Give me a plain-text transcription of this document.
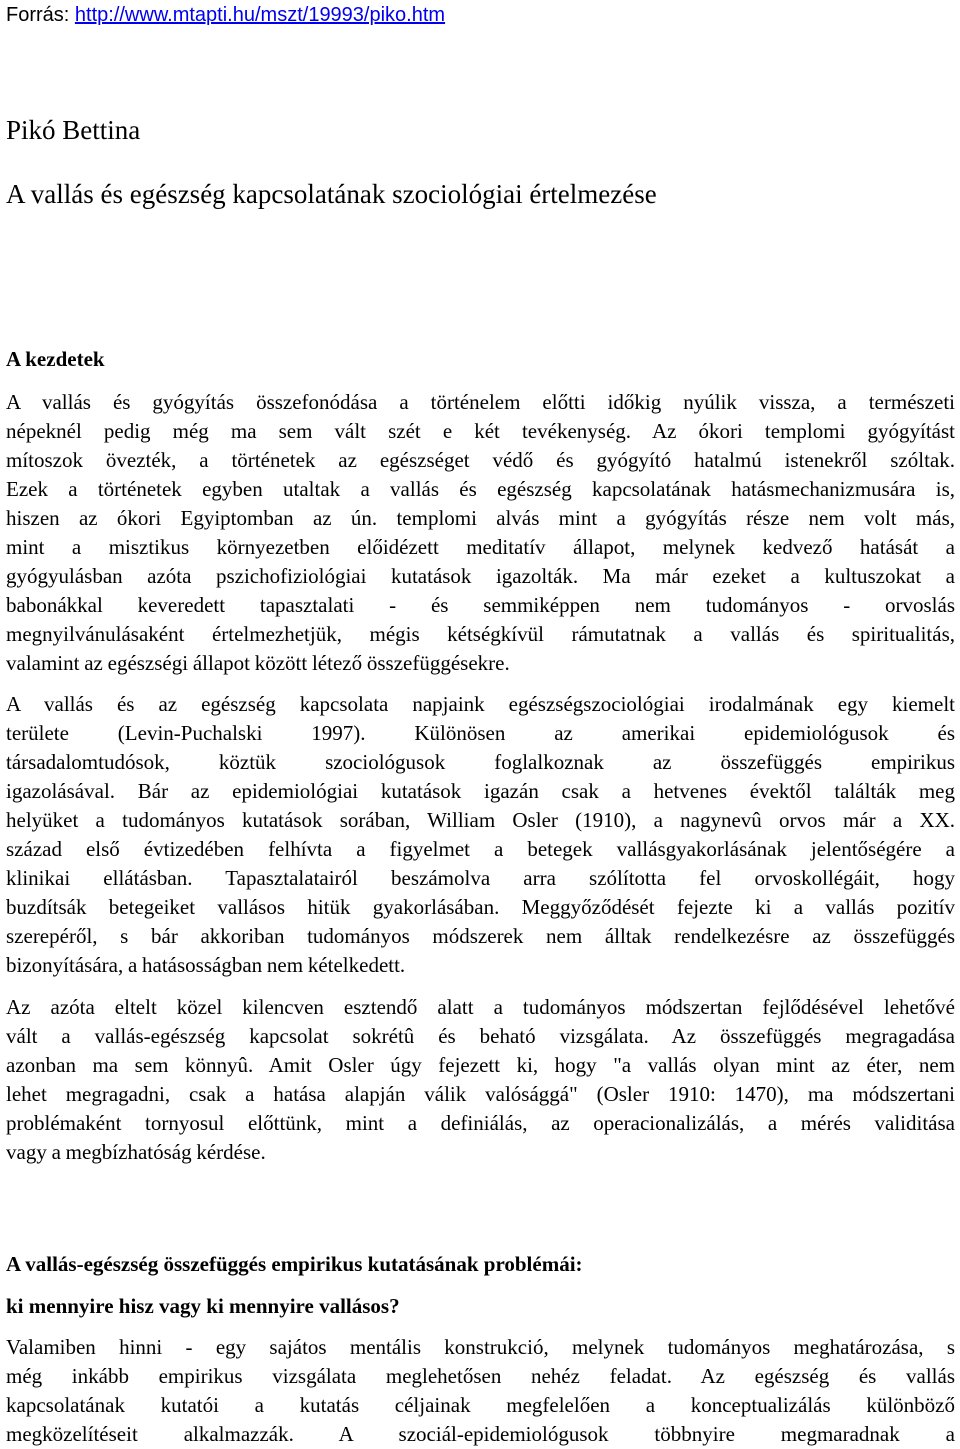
Forrás: http://www.mtapti.hu/mszt/19993/piko.htm
Pikó Bettina
A vallás és egészség kapcsolatának szociológiai értelmezése
A kezdetek
A vallás és gyógyítás összefonódása a történelem előtti időkig nyúlik vissza, a természeti
népeknél pedig még ma sem vált szét e két tevékenység. Az ókori templomi gyógyítást
mítoszok övezték, a történetek az egészséget védő és gyógyító hatalmú istenekről szóltak.
Ezek a történetek egyben utaltak a vallás és egészség kapcsolatának hatásmechanizmusára is,
hiszen az ókori Egyiptomban az ún. templomi alvás mint a gyógyítás része nem volt más,
mint a misztikus környezetben előidézett meditatív állapot, melynek kedvező hatását a
gyógyulásban azóta pszichofiziológiai kutatások igazolták. Ma már ezeket a kultuszokat a
babonákkal keveredett tapasztalati - és semmiképpen nem tudományos - orvoslás
megnyilvánulásaként értelmezhetjük, mégis kétségkívül rámutatnak a vallás és spiritualitás,
valamint az egészségi állapot között létező összefüggésekre.
A vallás és az egészség kapcsolata napjaink egészségszociológiai irodalmának egy kiemelt
területe (Levin-Puchalski 1997). Különösen az amerikai epidemiológusok és
társadalomtudósok, köztük szociológusok foglalkoznak az összefüggés empirikus
igazolásával. Bár az epidemiológiai kutatások igazán csak a hetvenes évektől találták meg
helyüket a tudományos kutatások sorában, William Osler (1910), a nagynevû orvos már a XX.
század első évtizedében felhívta a figyelmet a betegek vallásgyakorlásának jelentőségére a
klinikai ellátásban. Tapasztalatairól beszámolva arra szólította fel orvoskollégáit, hogy
buzdítsák betegeiket vallásos hitük gyakorlásában. Meggyőződését fejezte ki a vallás pozitív
szerepéről, s bár akkoriban tudományos módszerek nem álltak rendelkezésre az összefüggés
bizonyítására, a hatásosságban nem kételkedett.
Az azóta eltelt közel kilencven esztendő alatt a tudományos módszertan fejlődésével lehetővé
vált a vallás-egészség kapcsolat sokrétû és beható vizsgálata. Az összefüggés megragadása
azonban ma sem könnyû. Amit Osler úgy fejezett ki, hogy "a vallás olyan mint az éter, nem
lehet megragadni, csak a hatása alapján válik valósággá" (Osler 1910: 1470), ma módszertani
problémaként tornyosul előttünk, mint a definiálás, az operacionalizálás, a mérés validitása
vagy a megbízhatóság kérdése.
A vallás-egészség összefüggés empirikus kutatásának problémái:
ki mennyire hisz vagy ki mennyire vallásos?
Valamiben hinni - egy sajátos mentális konstrukció, melynek tudományos meghatározása, s
még inkább empirikus vizsgálata meglehetősen nehéz feladat. Az egészség és vallás
kapcsolatának kutatói a kutatás céljainak megfelelően a konceptualizálás különböző
megközelítéseit alkalmazzák. A szociál-epidemiológusok többnyire megmaradnak a
